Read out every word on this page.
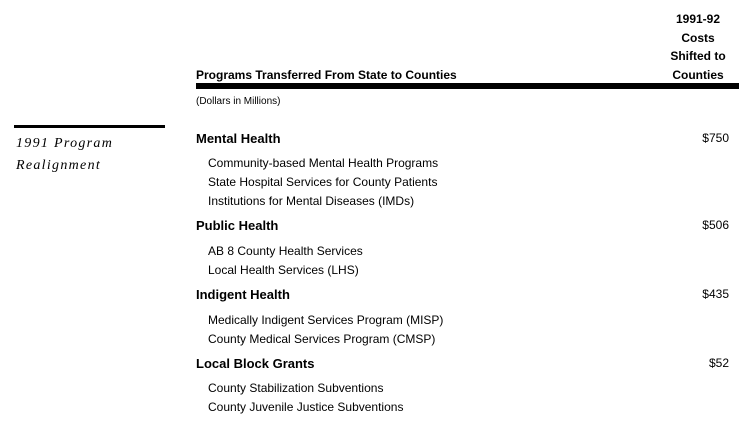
1991 Program
Realignment
Programs Transferred From State to Counties
1991-92
Costs
Shifted to
Counties
(Dollars in Millions)
Mental Health	$750
Community-based Mental Health Programs
State Hospital Services for County Patients
Institutions for Mental Diseases (IMDs)
Public Health	$506
AB 8 County Health Services
Local Health Services (LHS)
Indigent Health	$435
Medically Indigent Services Program (MISP)
County Medical Services Program (CMSP)
Local Block Grants	$52
County Stabilization Subventions
County Juvenile Justice Subventions
